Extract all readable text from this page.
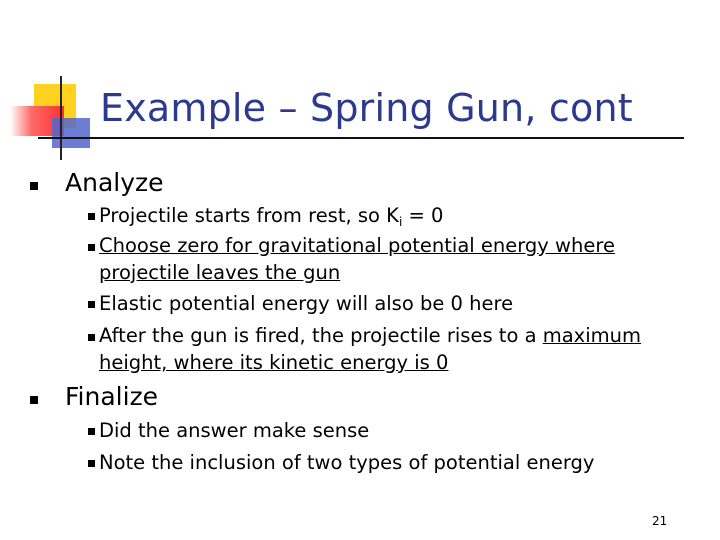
Example – Spring Gun, cont
Analyze
Projectile starts from rest, so $K_i = 0$
Choose zero for gravitational potential energy where
projectile leaves the gun
Elastic potential energy will also be 0 here
After the gun is fired, the projectile rises to a maximum
height, where its kinetic energy is 0
Finalize
Did the answer make sense
Note the inclusion of two types of potential energy
21
